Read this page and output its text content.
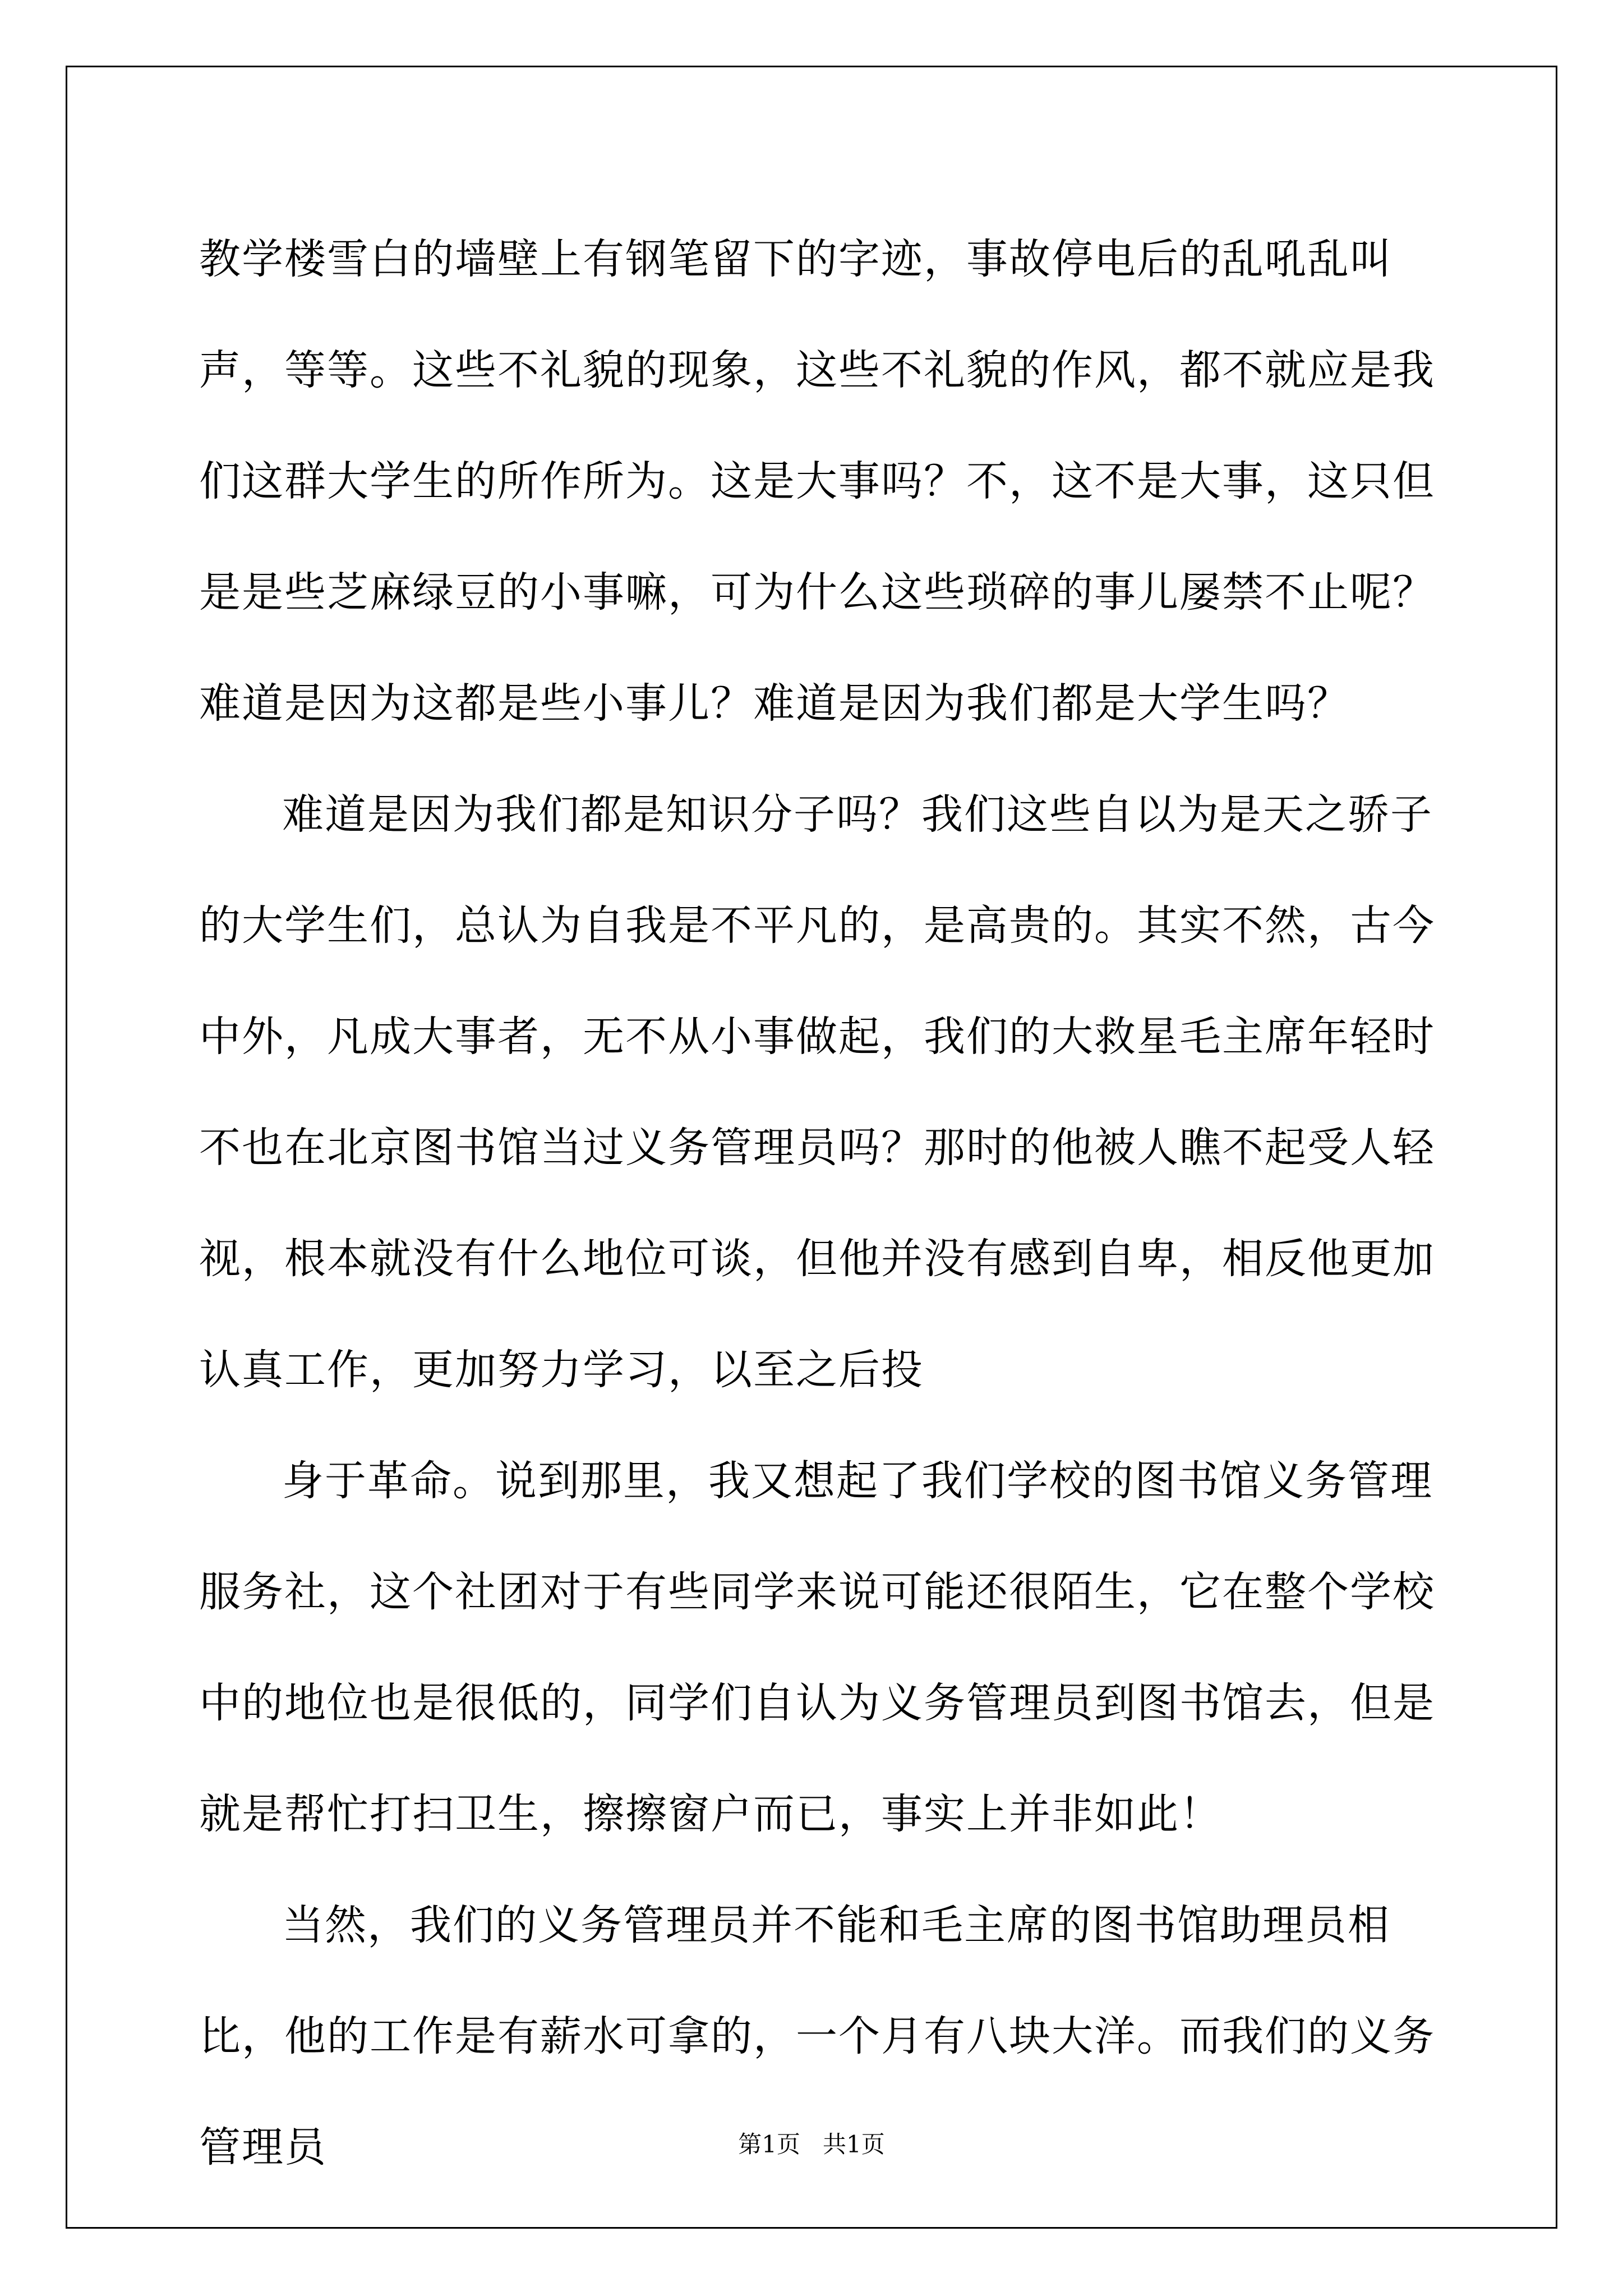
教学楼雪白的墙壁上有钢笔留下的字迹，事故停电后的乱吼乱叫声，等等。这些不礼貌的现象，这些不礼貌的作风，都不就应是我们这群大学生的所作所为。这是大事吗？不，这不是大事，这只但是是些芝麻绿豆的小事嘛，可为什么这些琐碎的事儿屡禁不止呢？难道是因为这都是些小事儿？难道是因为我们都是大学生吗？

难道是因为我们都是知识分子吗？我们这些自以为是天之骄子的大学生们，总认为自我是不平凡的，是高贵的。其实不然，古今中外，凡成大事者，无不从小事做起，我们的大救星毛主席年轻时不也在北京图书馆当过义务管理员吗？那时的他被人瞧不起受人轻视，根本就没有什么地位可谈，但他并没有感到自卑，相反他更加认真工作，更加努力学习，以至之后投

身于革命。说到那里，我又想起了我们学校的图书馆义务管理服务社，这个社团对于有些同学来说可能还很陌生，它在整个学校中的地位也是很低的，同学们自认为义务管理员到图书馆去，但是就是帮忙打扫卫生，擦擦窗户而已，事实上并非如此！

当然，我们的义务管理员并不能和毛主席的图书馆助理员相比，他的工作是有薪水可拿的，一个月有八块大洋。而我们的义务管理员	第1页 共1页
